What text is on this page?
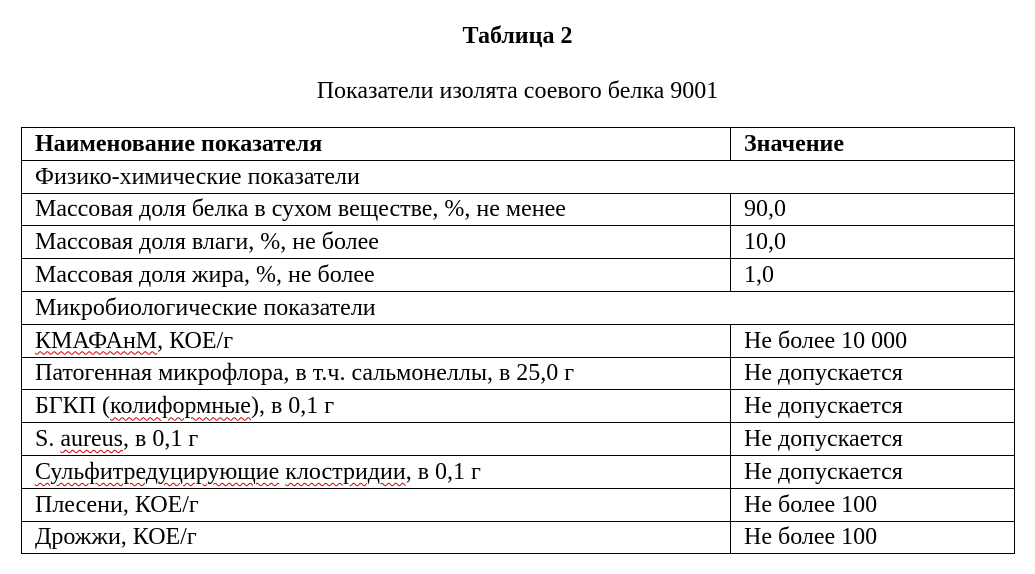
Таблица 2
Показатели изолята соевого белка 9001
Наименование показателя	Значение
Физико-химические показатели	
Массовая доля белка в сухом веществе, %, не менее	90,0
Массовая доля влаги, %, не более	10,0
Массовая доля жира, %, не более	1,0
Микробиологические показатели	
КМАФАнМ, КОЕ/г	Не более 10 000
Патогенная микрофлора, в т.ч. сальмонеллы, в 25,0 г	Не допускается
БГКП (колиформные), в 0,1 г	Не допускается
S. aureus, в 0,1 г	Не допускается
Сульфитредуцирующие клостридии, в 0,1 г	Не допускается
Плесени, КОЕ/г	Не более 100
Дрожжи, КОЕ/г	Не более 100
